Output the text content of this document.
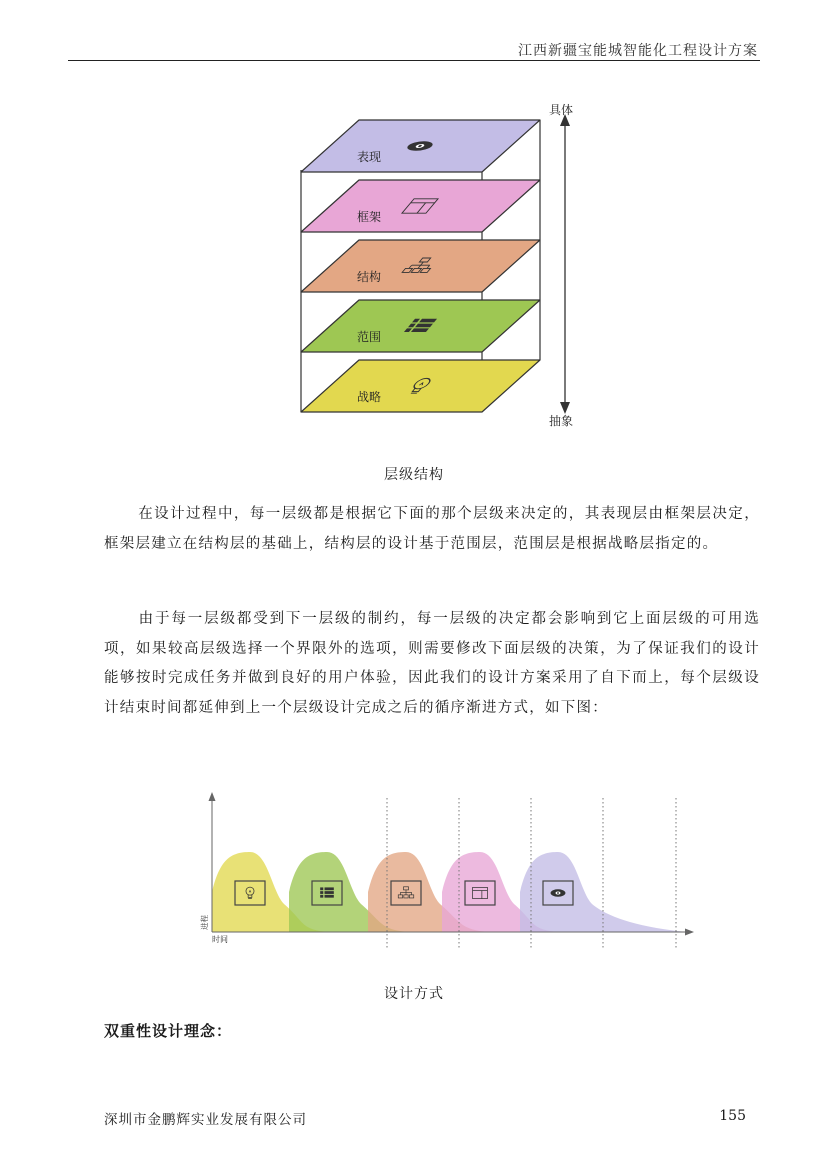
江西新疆宝能城智能化工程设计方案
战略
范围
结构
框架
表现
具体
抽象
层级结构

在设计过程中，每一层级都是根据它下面的那个层级来决定的，其表现层由框架层决定，框架层建立在结构层的基础上，结构层的设计基于范围层，范围层是根据战略层指定的。

由于每一层级都受到下一层级的制约，每一层级的决定都会影响到它上面层级的可用选项，如果较高层级选择一个界限外的选项，则需要修改下面层级的决策，为了保证我们的设计能够按时完成任务并做到良好的用户体验，因此我们的设计方案采用了自下而上，每个层级设计结束时间都延伸到上一个层级设计完成之后的循序渐进方式，如下图：

进程
时间
设计方式
双重性设计理念：
深圳市金鹏辉实业发展有限公司	155
